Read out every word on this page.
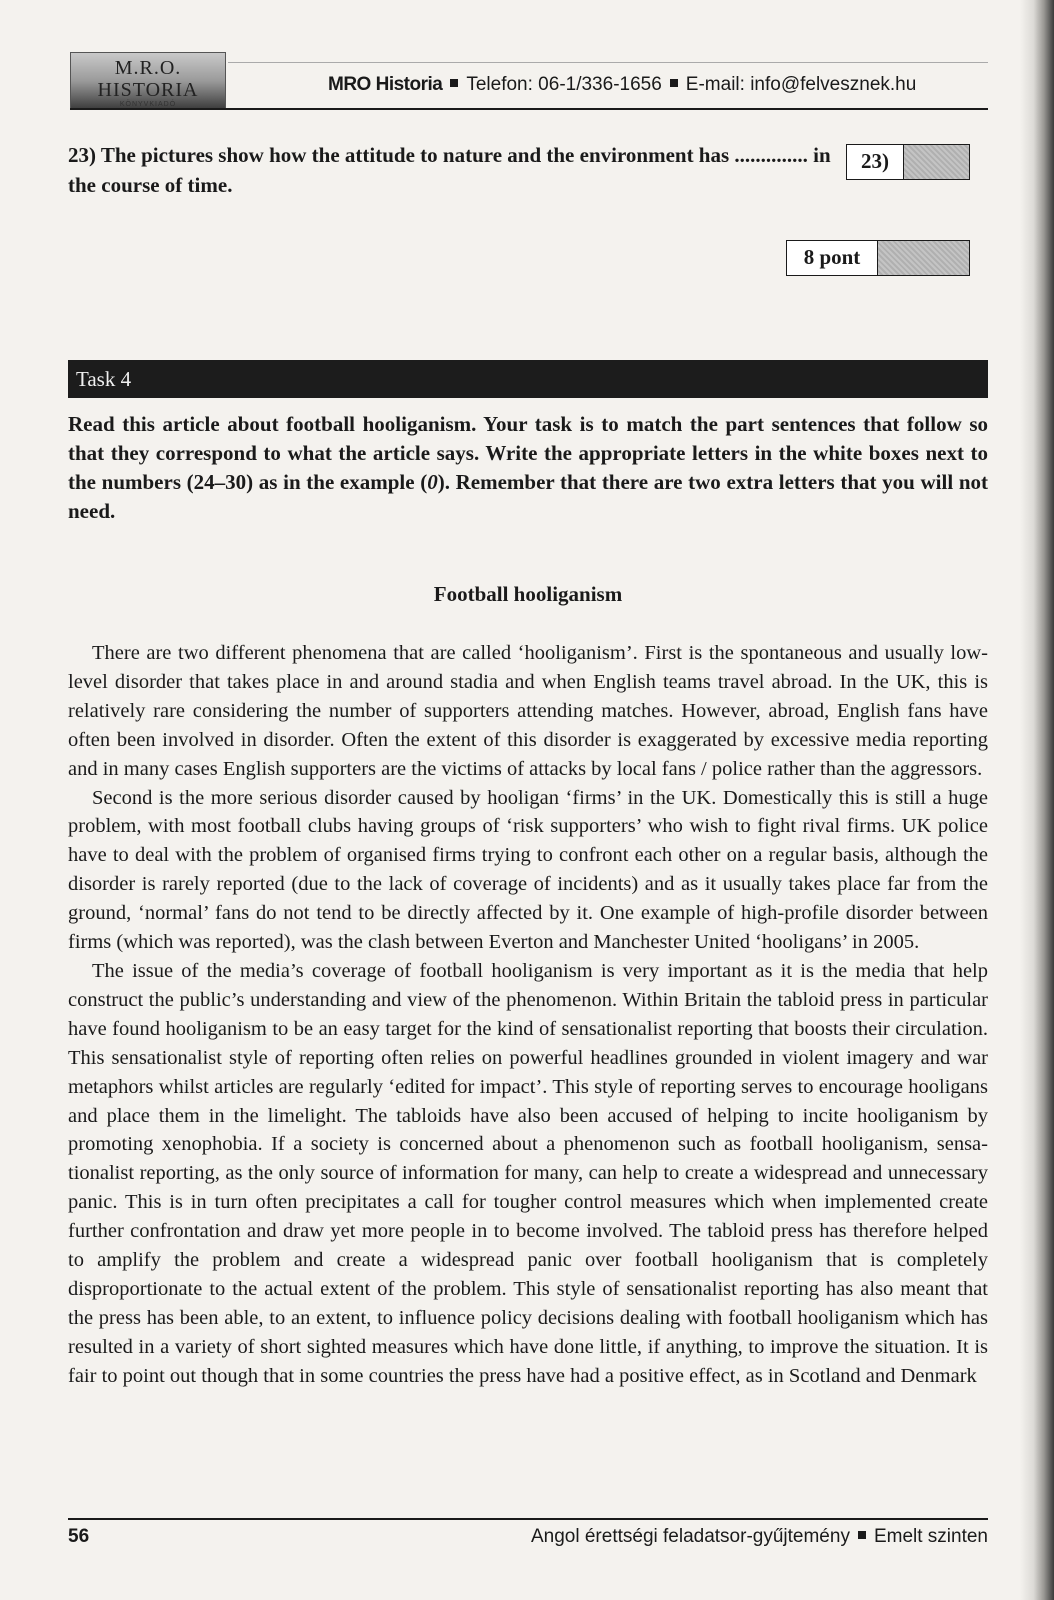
M.R.O. HISTORIA
KÖNYVKIADÓ
MRO Historia Telefon: 06-1/336-1656 E-mail: info@felvesznek.hu
23) The pictures show how the attitude to nature and the environment has .............. in the course of time.
23)
8 pont
Task 4
Read this article about football hooliganism. Your task is to match the part sentences that follow so that they correspond to what the article says. Write the appropriate letters in the white boxes next to the numbers (24–30) as in the example (0). Remember that there are two extra letters that you will not need.
Football hooliganism

There are two different phenomena that are called ‘hooliganism’. First is the spontaneous and usually low-level disorder that takes place in and around stadia and when English teams travel abroad. In the UK, this is relatively rare considering the number of supporters attending matches. However, abroad, English fans have often been involved in disorder. Often the extent of this disorder is exaggerated by excessive media reporting and in many cases English supporters are the victims of attacks by local fans / police rather than the aggressors.

Second is the more serious disorder caused by hooligan ‘firms’ in the UK. Domestically this is still a huge problem, with most football clubs having groups of ‘risk supporters’ who wish to fight rival firms. UK police have to deal with the problem of organised firms trying to confront each other on a regular basis, although the disorder is rarely reported (due to the lack of coverage of incidents) and as it usually takes place far from the ground, ‘normal’ fans do not tend to be directly affected by it. One example of high-profile disorder between firms (which was reported), was the clash between Everton and Manchester United ‘hooligans’ in 2005.

The issue of the media’s coverage of football hooliganism is very important as it is the media that help construct the public’s understanding and view of the phenomenon. Within Britain the tabloid press in particular have found hooliganism to be an easy target for the kind of sensationalist reporting that boosts their circulation. This sensationalist style of reporting often relies on powerful headlines grounded in violent imagery and war metaphors whilst articles are regularly ‘edited for impact’. This style of reporting serves to encourage hooligans and place them in the limelight. The tabloids have also been accused of helping to incite hooliganism by promoting xenophobia. If a society is concerned about a phenomenon such as football hooliganism, sensationalist reporting, as the only source of information for many, can help to create a widespread and unnecessary panic. This is in turn often precipitates a call for tougher control measures which when implemented create further confrontation and draw yet more people in to become involved. The tabloid press has therefore helped to amplify the problem and create a widespread panic over football hooliganism that is completely disproportionate to the actual extent of the problem. This style of sensationalist reporting has also meant that the press has been able, to an extent, to influence policy decisions dealing with football hooliganism which has resulted in a variety of short sighted measures which have done little, if anything, to improve the situation. It is fair to point out though that in some countries the press have had a positive effect, as in Scotland and Denmark

56	Angol érettségi feladatsor-gyűjtemény Emelt szinten
